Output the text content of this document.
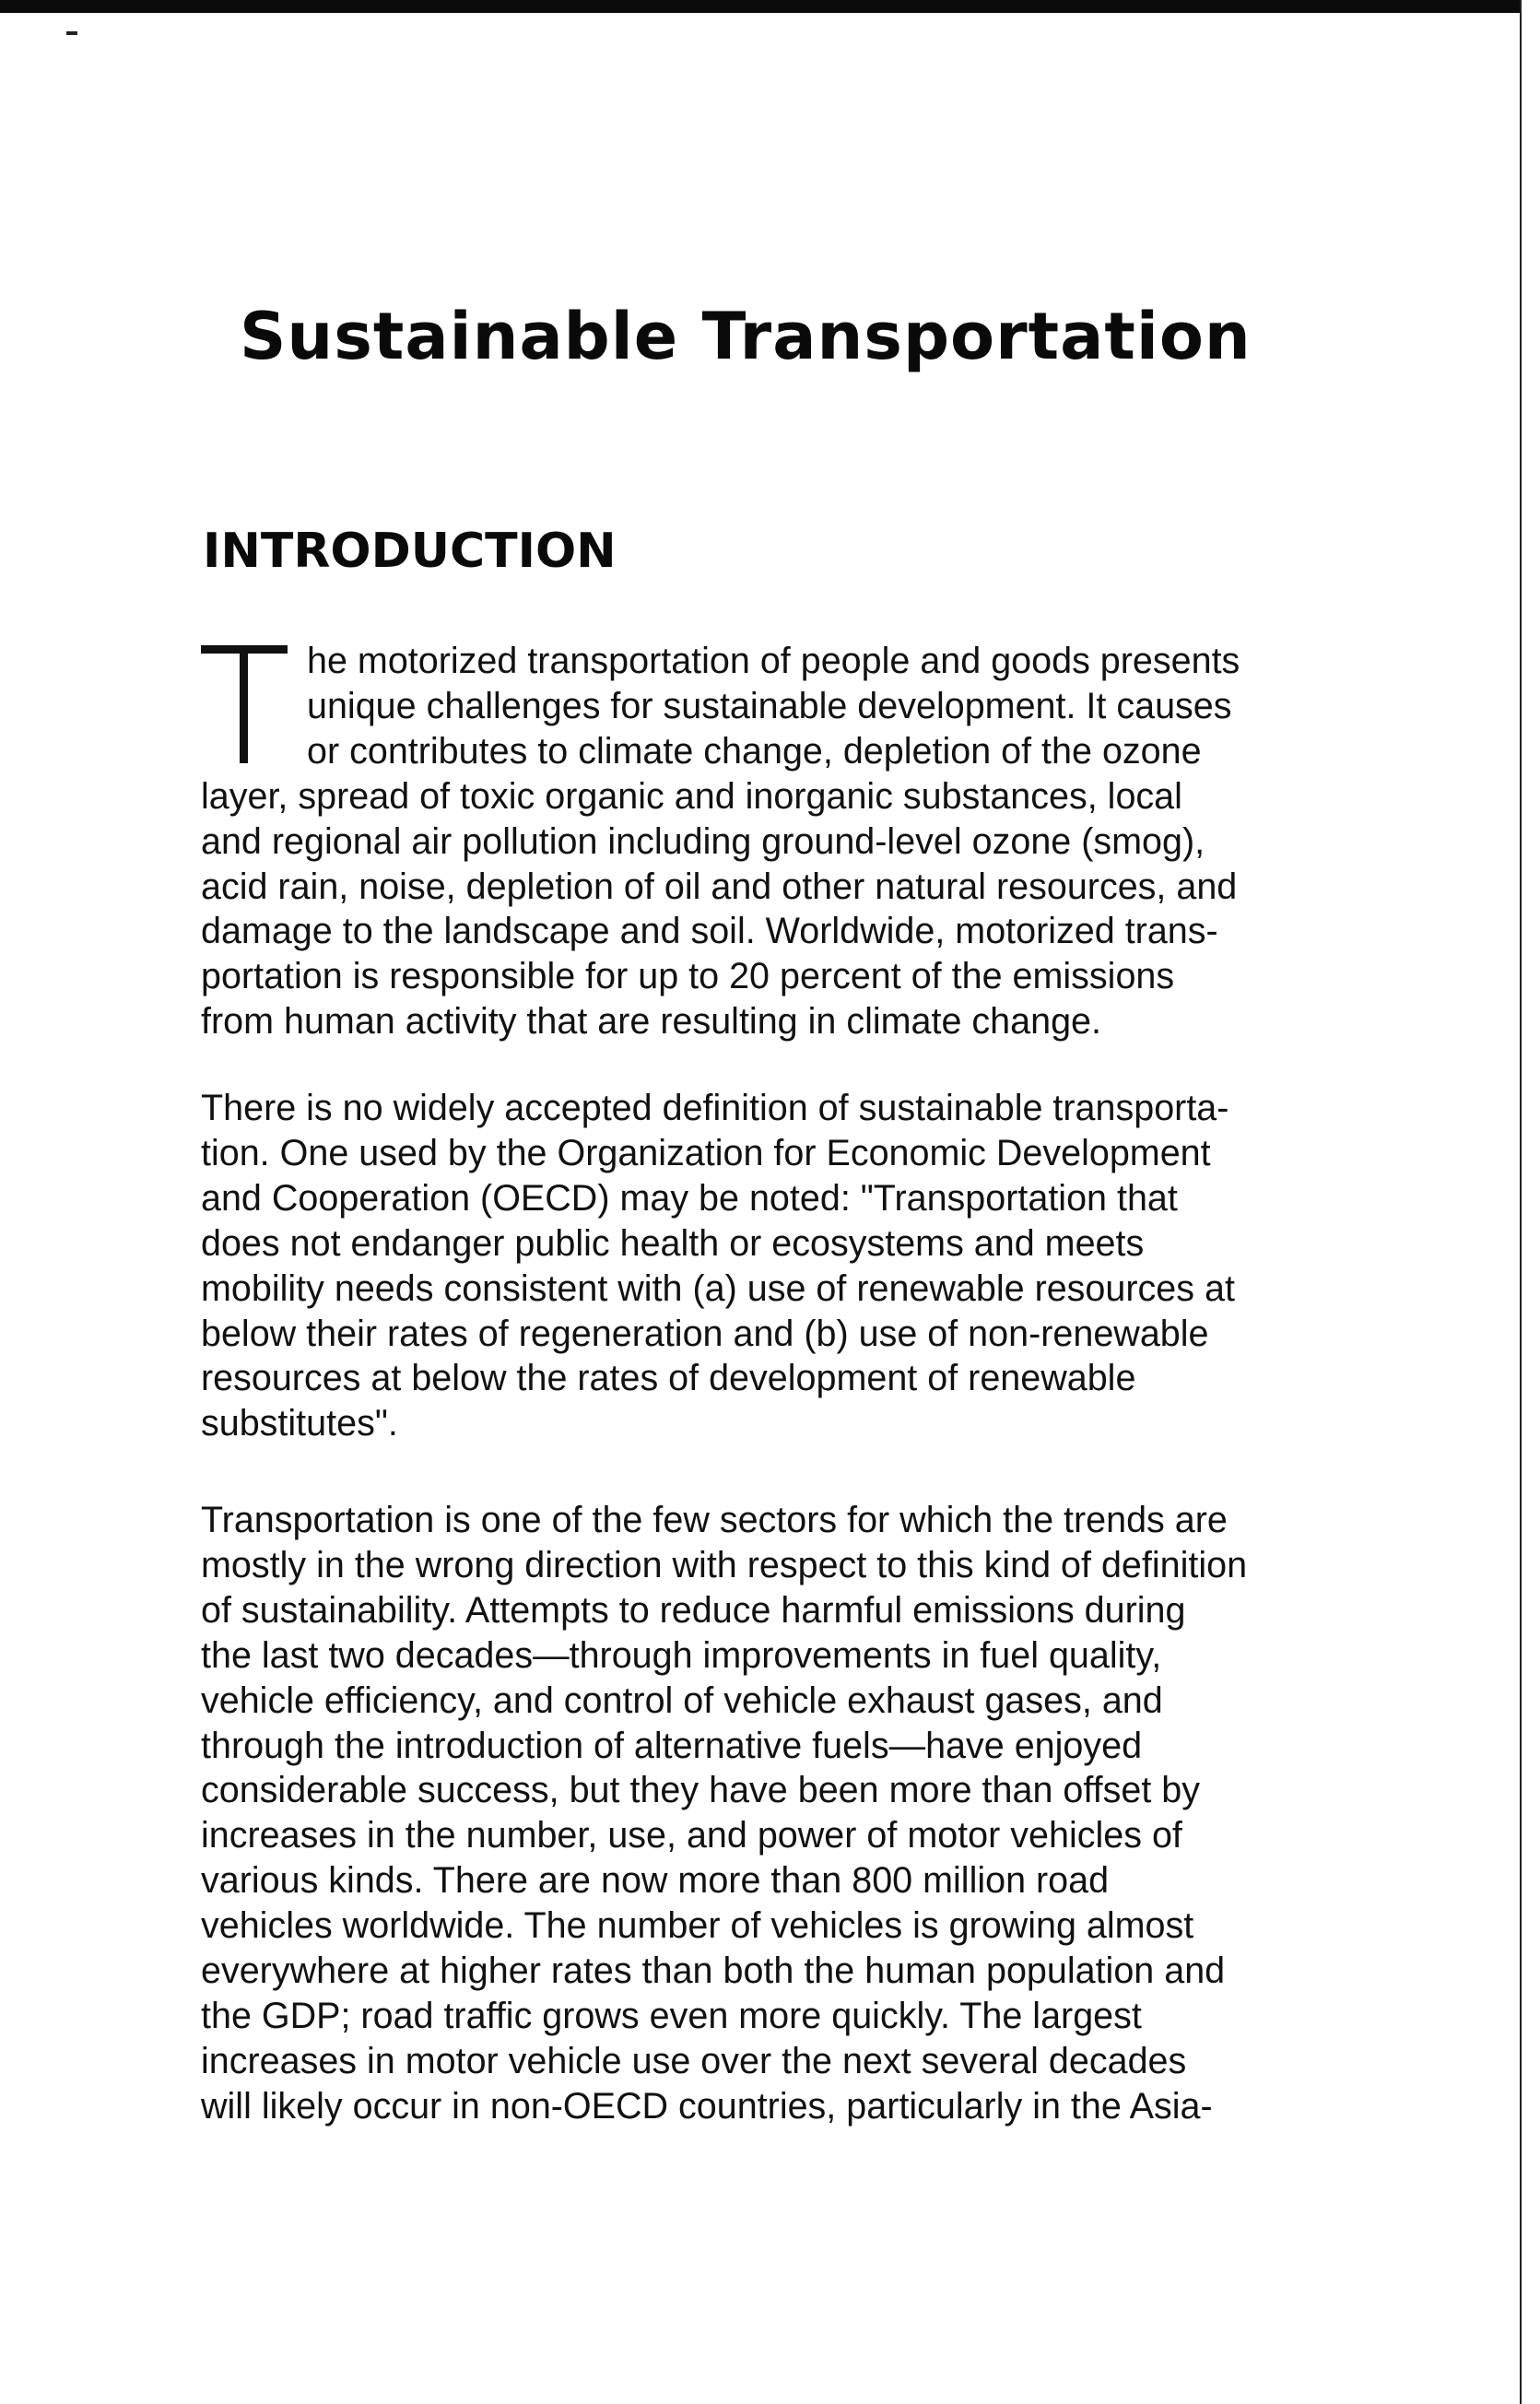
Sustainable Transportation
INTRODUCTION
he motorized transportation of people and goods presents
unique challenges for sustainable development. It causes
or contributes to climate change, depletion of the ozone
layer, spread of toxic organic and inorganic substances, local
and regional air pollution including ground-level ozone (smog),
acid rain, noise, depletion of oil and other natural resources, and
damage to the landscape and soil. Worldwide, motorized trans-
portation is responsible for up to 20 percent of the emissions
from human activity that are resulting in climate change.
There is no widely accepted definition of sustainable transporta-
tion. One used by the Organization for Economic Development
and Cooperation (OECD) may be noted: "Transportation that
does not endanger public health or ecosystems and meets
mobility needs consistent with (a) use of renewable resources at
below their rates of regeneration and (b) use of non-renewable
resources at below the rates of development of renewable
substitutes".
Transportation is one of the few sectors for which the trends are
mostly in the wrong direction with respect to this kind of definition
of sustainability. Attempts to reduce harmful emissions during
the last two decades—through improvements in fuel quality,
vehicle efficiency, and control of vehicle exhaust gases, and
through the introduction of alternative fuels—have enjoyed
considerable success, but they have been more than offset by
increases in the number, use, and power of motor vehicles of
various kinds. There are now more than 800 million road
vehicles worldwide. The number of vehicles is growing almost
everywhere at higher rates than both the human population and
the GDP; road traffic grows even more quickly. The largest
increases in motor vehicle use over the next several decades
will likely occur in non-OECD countries, particularly in the Asia-
